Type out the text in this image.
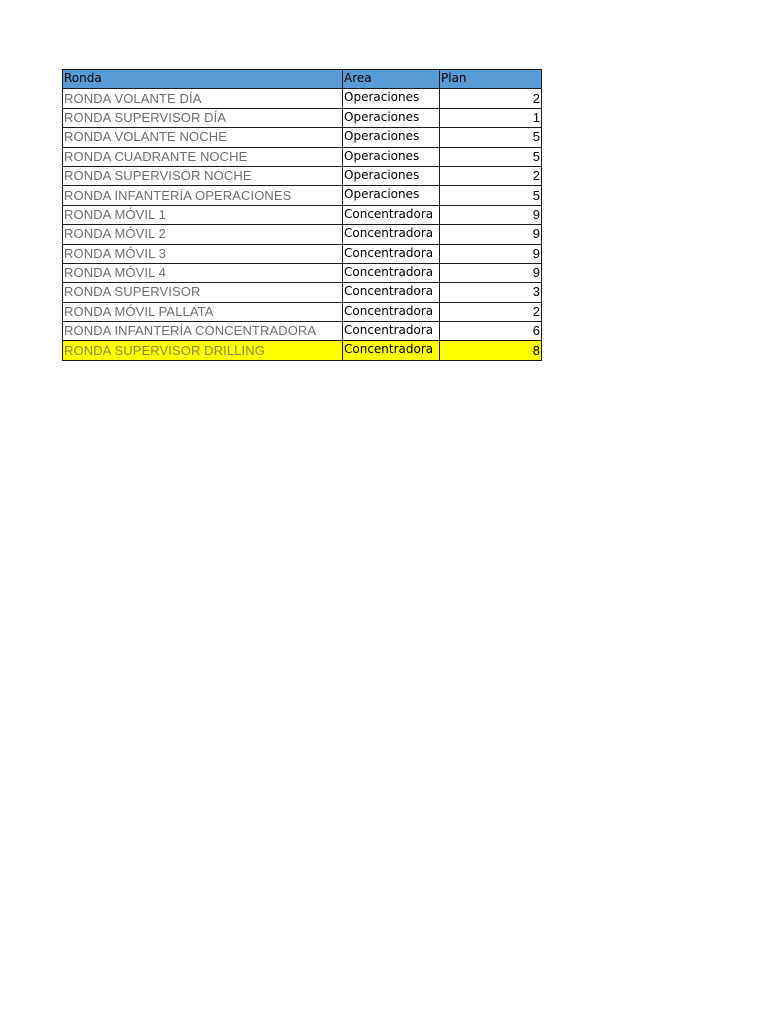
Ronda	Area	Plan
RONDA VOLANTE DÍA	Operaciones	2
RONDA SUPERVISOR DÍA	Operaciones	1
RONDA VOLANTE NOCHE	Operaciones	5
RONDA CUADRANTE NOCHE	Operaciones	5
RONDA SUPERVISOR NOCHE	Operaciones	2
RONDA INFANTERÍA OPERACIONES	Operaciones	5
RONDA MÓVIL 1	Concentradora	9
RONDA MÓVIL 2	Concentradora	9
RONDA MÓVIL 3	Concentradora	9
RONDA MÓVIL 4	Concentradora	9
RONDA SUPERVISOR	Concentradora	3
RONDA MÓVIL PALLATA	Concentradora	2
RONDA INFANTERÍA CONCENTRADORA	Concentradora	6
RONDA SUPERVISOR DRILLING	Concentradora	8
